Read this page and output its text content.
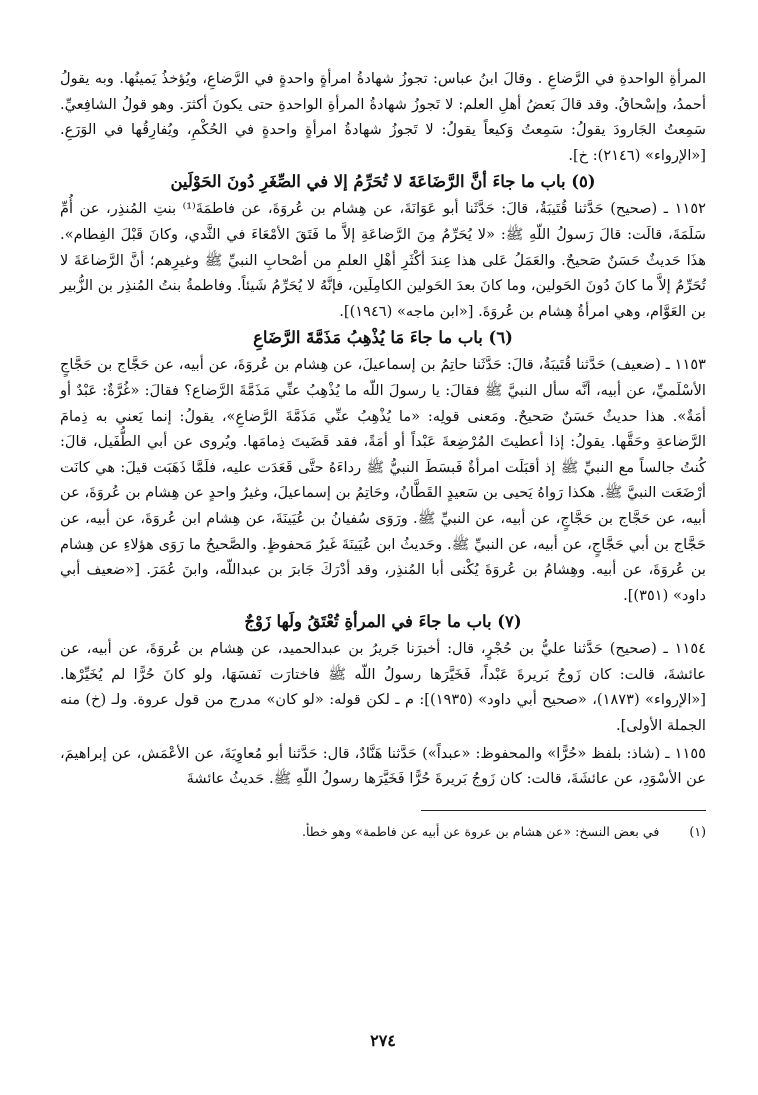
المرأةِ الواحدةِ في الرَّضاعِ . وقالَ ابنُ عباس: تجوزُ شهادةُ امرأةٍ واحدةٍ في الرَّضاعِ، ويُؤخذُ يَمينُها. وبه يقولُ أحمدُ، وإسْحاقُ. وقد قالَ بَعضُ أهلِ العلم: لا تَجوزُ شهادةُ المرأةِ الواحدةِ حتى يكونَ أكثرَ. وهو قولُ الشافِعيِّ. سَمِعتُ الجَارودَ يقولُ: سَمِعتُ وَكيعاً يقولُ: لا تَجوزُ شهادةُ امرأةٍ واحدةٍ في الحُكْمِ، ويُفارِقُها في الوَرَعِ. [«الإرواء» (٢١٤٦): خ].

(٥) باب ما جاءَ أنَّ الرَّضَاعَةَ لا تُحَرِّمُ إلا في الصِّغَرِ دُونَ الحَوْلَين

١١٥٢ ـ (صحيح) حَدَّثنا قُتَيبَةُ، قالَ: حَدَّثَنا أبو عَوَانَةَ، عن هِشام بن عُروَةَ، عن فاطمَةَ⁽¹⁾ بنتِ المُنذِر، عن أُمِّ سَلَمَةَ، قالَت: قالَ رَسولُ اللّهِ ﷺ: «لا يُحَرِّمُ مِنَ الرَّضاعَةِ إلاَّ ما فَتَقَ الأمْعَاءَ في الثَّدي، وكانَ قَبْلَ الفِطام». هذَا حَديثٌ حَسَنٌ صَحيحٌ. والعَمَلُ عَلى هذا عِندَ أكْثَرِ أهْلِ العلمِ من أصْحابِ النبيِّ ﷺ وغيرِهم؛ أنَّ الرَّضاعَةَ لا تُحَرِّمُ إلاَّ ما كانَ دُونَ الحَولين، وما كانَ بعدَ الحَولين الكامِلَين، فإنَّهُ لا يُحَرِّمُ شَيئاً. وفاطمةُ بنتُ المُنذِر بن الزُّبير بن العَوَّام، وهي امرأةُ هِشام بن عُروَةَ. [«ابن ماجه» (١٩٤٦)].

(٦) باب ما جاءَ مَا يُذْهِبُ مَذَمَّةَ الرَّضَاعِ

١١٥٣ ـ (ضعيف) حَدَّثنا قُتَيبَةُ، قالَ: حَدَّثَنا حاتِمُ بن إسماعيلَ، عن هِشام بن عُروَةَ، عن أبيه، عن حَجَّاج بن حَجَّاجٍ الأسْلَميِّ، عن أبيه، أنَّه سأل النبيَّ ﷺ فقالَ: يا رسولَ اللّه ما يُذْهِبُ عنِّي مَذَمَّةَ الرَّضاع؟ فقالَ: «غُرَّةٌ: عَبْدٌ أو أمَةٌ». هذا حديثٌ حَسَنٌ صَحيحٌ. ومَعنى قولِه: «ما يُذْهِبُ عنِّي مَذَمَّةَ الرَّضاعِ»، يقولُ: إنما يَعني به ذِمامَ الرَّضاعةِ وحَقَّها. يقولُ: إذا أعطيتَ المُرْضِعةَ عَبْداً أو أمَةً، فقد قَضَيتَ ذِمامَها. ويُروى عن أبي الطُّفَيل، قالَ: كُنتُ جالساً مع النبيِّ ﷺ إذ أقبَلَت امرأةٌ فَبسَطَ النبيُّ ﷺ رداءَهُ حتَّى قَعَدَت عليه، فلَمَّا ذَهَبَت قيلَ: هي كانَت أرْضَعَت النبيَّ ﷺ. هكذا رَواهُ يَحيى بن سَعيدٍ القَطَّانُ، وحَاتِمُ بن إسماعيلَ، وغيرُ واحدٍ عن هِشام بن عُروَةَ، عن أبيه، عن حَجَّاج بن حَجَّاجٍ، عن أبيه، عن النبيِّ ﷺ. ورَوَى سُفيانُ بن عُيَينَةَ، عن هِشام ابن عُروَةَ، عن أبيه، عن حَجَّاج بن أبي حَجَّاجٍ، عن أبيه، عن النبيِّ ﷺ. وحَديثُ ابن عُيَينَةَ غَيرُ مَحفوظٍ. والصَّحيحُ ما رَوَى هؤلاءِ عن هِشام بن عُروَةَ، عن أبيه. وهِشامُ بن عُروَةَ يُكْنى أبا المُنذِر، وقد أدْرَكَ جَابرَ بن عبداللّه، وابنَ عُمَرَ. [«ضعيف أبي داود» (٣٥١)].

(٧) باب ما جاءَ في المرأةِ تُعْتَقُ ولَها زَوْجٌ

١١٥٤ ـ (صحيح) حَدَّثنا عليُّ بن حُجْرٍ، قال: أخبرَنا جَريرُ بن عبدالحميد، عن هِشام بن عُروَةَ، عن أبيه، عن عائشةَ، قالت: كان زَوجُ بَريرةَ عَبْداً، فَخَيَّرَها رسولُ اللّه ﷺ فاختارَت نَفسَهَا، ولو كانَ حُرًّا لم يُخَيِّرْها. [«الإرواء» (١٨٧٣)، «صحيح أبي داود» (١٩٣٥)]: م ـ لكن قوله: «لو كان» مدرج من قول عروة. ولـ (خ) منه الجملة الأولى].

١١٥٥ ـ (شاذ: بلفظ «حُرًّا» والمحفوظ: «عبداً») حَدَّثنا هَنَّادٌ، قال: حَدَّثنا أبو مُعاوِيَةَ، عن الأعْمَش، عن إبراهيمَ، عن الأسْوَدِ، عن عائشَةَ، قالت: كان زَوجُ بَريرةَ حُرًّا فَخَيَّرَها رسولُ اللّهِ ﷺ. حَديثُ عائشةَ

(١)في بعض النسخ: «عن هشام بن عروة عن أبيه عن فاطمة» وهو خطأ.
٢٧٤
